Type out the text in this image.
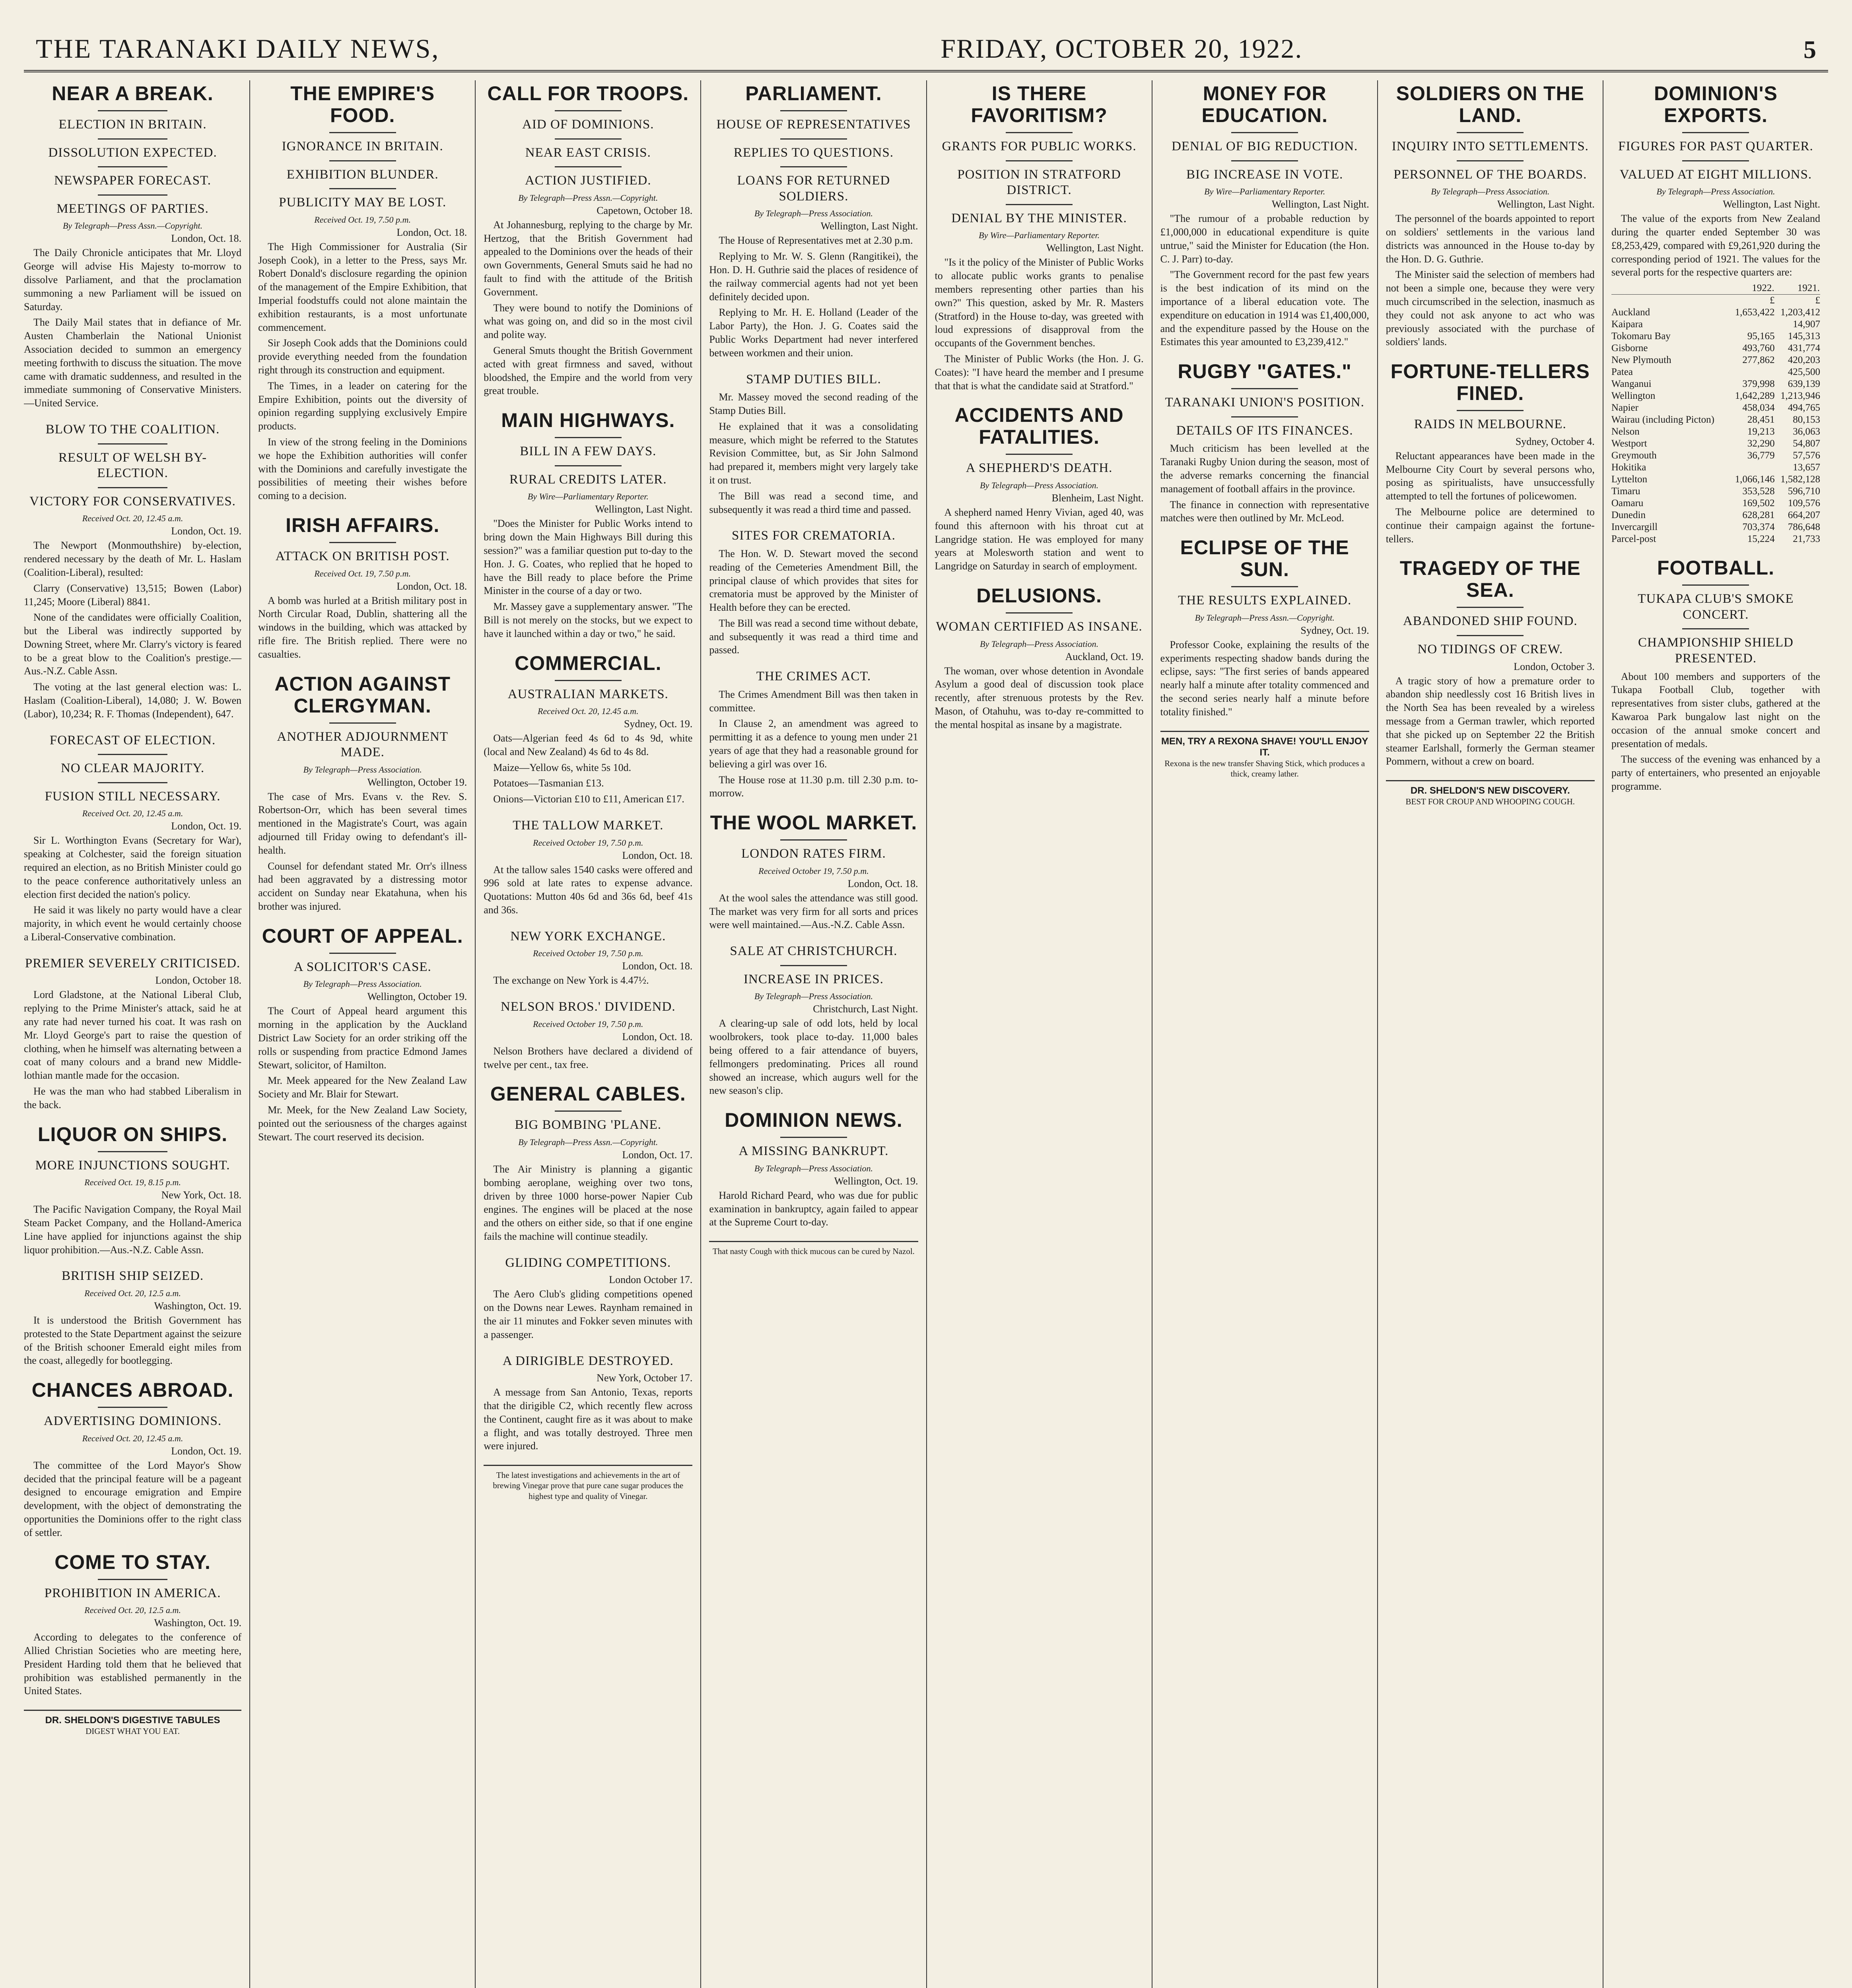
THE TARANAKI DAILY NEWS,	FRIDAY, OCTOBER 20, 1922.	5
NEAR A BREAK.
ELECTION IN BRITAIN.
DISSOLUTION EXPECTED.
NEWSPAPER FORECAST.
MEETINGS OF PARTIES.
By Telegraph—Press Assn.—Copyright.
London, Oct. 18.

The Daily Chronicle anticipates that Mr. Lloyd George will advise His Majesty to-morrow to dissolve Parliament, and that the proclamation summoning a new Parliament will be issued on Saturday.

The Daily Mail states that in defiance of Mr. Austen Chamberlain the National Unionist Association decided to summon an emergency meeting forthwith to discuss the situation. The move came with dramatic suddenness, and resulted in the immediate summoning of Conservative Ministers.—United Service.

BLOW TO THE COALITION.
RESULT OF WELSH BY-ELECTION.
VICTORY FOR CONSERVATIVES.
Received Oct. 20, 12.45 a.m.
London, Oct. 19.

The Newport (Monmouthshire) by-election, rendered necessary by the death of Mr. L. Haslam (Coalition-Liberal), resulted:

Clarry (Conservative) 13,515; Bowen (Labor) 11,245; Moore (Liberal) 8841.

None of the candidates were officially Coalition, but the Liberal was indirectly supported by Downing Street, where Mr. Clarry's victory is feared to be a great blow to the Coalition's prestige.—Aus.-N.Z. Cable Assn.

The voting at the last general election was: L. Haslam (Coalition-Liberal), 14,080; J. W. Bowen (Labor), 10,234; R. F. Thomas (Independent), 647.

FORECAST OF ELECTION.
NO CLEAR MAJORITY.
FUSION STILL NECESSARY.
Received Oct. 20, 12.45 a.m.
London, Oct. 19.

Sir L. Worthington Evans (Secretary for War), speaking at Colchester, said the foreign situation required an election, as no British Minister could go to the peace conference authoritatively unless an election first decided the nation's policy.

He said it was likely no party would have a clear majority, in which event he would certainly choose a Liberal-Conservative combination.

PREMIER SEVERELY CRITICISED.
London, October 18.

Lord Gladstone, at the National Liberal Club, replying to the Prime Minister's attack, said he at any rate had never turned his coat. It was rash on Mr. Lloyd George's part to raise the question of clothing, when he himself was alternating between a coat of many colours and a brand new Middle-lothian mantle made for the occasion.

He was the man who had stabbed Liberalism in the back.

LIQUOR ON SHIPS.
MORE INJUNCTIONS SOUGHT.
Received Oct. 19, 8.15 p.m.
New York, Oct. 18.

The Pacific Navigation Company, the Royal Mail Steam Packet Company, and the Holland-America Line have applied for injunctions against the ship liquor prohibition.—Aus.-N.Z. Cable Assn.

BRITISH SHIP SEIZED.
Received Oct. 20, 12.5 a.m.
Washington, Oct. 19.

It is understood the British Government has protested to the State Department against the seizure of the British schooner Emerald eight miles from the coast, allegedly for bootlegging.

CHANCES ABROAD.
ADVERTISING DOMINIONS.
Received Oct. 20, 12.45 a.m.
London, Oct. 19.

The committee of the Lord Mayor's Show decided that the principal feature will be a pageant designed to encourage emigration and Empire development, with the object of demonstrating the opportunities the Dominions offer to the right class of settler.

COME TO STAY.
PROHIBITION IN AMERICA.
Received Oct. 20, 12.5 a.m.
Washington, Oct. 19.

According to delegates to the conference of Allied Christian Societies who are meeting here, President Harding told them that he believed that prohibition was established permanently in the United States.

DR. SHELDON'S DIGESTIVE TABULES
DIGEST WHAT YOU EAT.
THE EMPIRE'S FOOD.
IGNORANCE IN BRITAIN.
EXHIBITION BLUNDER.
PUBLICITY MAY BE LOST.
Received Oct. 19, 7.50 p.m.
London, Oct. 18.

The High Commissioner for Australia (Sir Joseph Cook), in a letter to the Press, says Mr. Robert Donald's disclosure regarding the opinion of the management of the Empire Exhibition, that Imperial foodstuffs could not alone maintain the exhibition restaurants, is a most unfortunate commencement.

Sir Joseph Cook adds that the Dominions could provide everything needed from the foundation right through its construction and equipment.

The Times, in a leader on catering for the Empire Exhibition, points out the diversity of opinion regarding supplying exclusively Empire products.

In view of the strong feeling in the Dominions we hope the Exhibition authorities will confer with the Dominions and carefully investigate the possibilities of meeting their wishes before coming to a decision.

IRISH AFFAIRS.
ATTACK ON BRITISH POST.
Received Oct. 19, 7.50 p.m.
London, Oct. 18.

A bomb was hurled at a British military post in North Circular Road, Dublin, shattering all the windows in the building, which was attacked by rifle fire. The British replied. There were no casualties.

ACTION AGAINST CLERGYMAN.
ANOTHER ADJOURNMENT MADE.
By Telegraph—Press Association.
Wellington, October 19.

The case of Mrs. Evans v. the Rev. S. Robertson-Orr, which has been several times mentioned in the Magistrate's Court, was again adjourned till Friday owing to defendant's ill-health.

Counsel for defendant stated Mr. Orr's illness had been aggravated by a distressing motor accident on Sunday near Ekatahuna, when his brother was injured.

COURT OF APPEAL.
A SOLICITOR'S CASE.
By Telegraph—Press Association.
Wellington, October 19.

The Court of Appeal heard argument this morning in the application by the Auckland District Law Society for an order striking off the rolls or suspending from practice Edmond James Stewart, solicitor, of Hamilton.

Mr. Meek appeared for the New Zealand Law Society and Mr. Blair for Stewart.

Mr. Meek, for the New Zealand Law Society, pointed out the seriousness of the charges against Stewart. The court reserved its decision.

CALL FOR TROOPS.
AID OF DOMINIONS.
NEAR EAST CRISIS.
ACTION JUSTIFIED.
By Telegraph—Press Assn.—Copyright.
Capetown, October 18.

At Johannesburg, replying to the charge by Mr. Hertzog, that the British Government had appealed to the Dominions over the heads of their own Governments, General Smuts said he had no fault to find with the attitude of the British Government.

They were bound to notify the Dominions of what was going on, and did so in the most civil and polite way.

General Smuts thought the British Government acted with great firmness and saved, without bloodshed, the Empire and the world from very great trouble.

MAIN HIGHWAYS.
BILL IN A FEW DAYS.
RURAL CREDITS LATER.
By Wire—Parliamentary Reporter.
Wellington, Last Night.

"Does the Minister for Public Works intend to bring down the Main Highways Bill during this session?" was a familiar question put to-day to the Hon. J. G. Coates, who replied that he hoped to have the Bill ready to place before the Prime Minister in the course of a day or two.

Mr. Massey gave a supplementary answer. "The Bill is not merely on the stocks, but we expect to have it launched within a day or two," he said.

COMMERCIAL.
AUSTRALIAN MARKETS.
Received Oct. 20, 12.45 a.m.
Sydney, Oct. 19.

Oats—Algerian feed 4s 6d to 4s 9d, white (local and New Zealand) 4s 6d to 4s 8d.

Maize—Yellow 6s, white 5s 10d.

Potatoes—Tasmanian £13.

Onions—Victorian £10 to £11, American £17.

THE TALLOW MARKET.
Received October 19, 7.50 p.m.
London, Oct. 18.

At the tallow sales 1540 casks were offered and 996 sold at late rates to expense advance. Quotations: Mutton 40s 6d and 36s 6d, beef 41s and 36s.

NEW YORK EXCHANGE.
Received October 19, 7.50 p.m.
London, Oct. 18.

The exchange on New York is 4.47½.

NELSON BROS.' DIVIDEND.
Received October 19, 7.50 p.m.
London, Oct. 18.

Nelson Brothers have declared a dividend of twelve per cent., tax free.

GENERAL CABLES.
BIG BOMBING 'PLANE.
By Telegraph—Press Assn.—Copyright.
London, Oct. 17.

The Air Ministry is planning a gigantic bombing aeroplane, weighing over two tons, driven by three 1000 horse-power Napier Cub engines. The engines will be placed at the nose and the others on either side, so that if one engine fails the machine will continue steadily.

GLIDING COMPETITIONS.
London October 17.

The Aero Club's gliding competitions opened on the Downs near Lewes. Raynham remained in the air 11 minutes and Fokker seven minutes with a passenger.

A DIRIGIBLE DESTROYED.
New York, October 17.

A message from San Antonio, Texas, reports that the dirigible C2, which recently flew across the Continent, caught fire as it was about to make a flight, and was totally destroyed. Three men were injured.

The latest investigations and achievements in the art of brewing Vinegar prove that pure cane sugar produces the highest type and quality of Vinegar.
PARLIAMENT.
HOUSE OF REPRESENTATIVES
REPLIES TO QUESTIONS.
LOANS FOR RETURNED SOLDIERS.
By Telegraph—Press Association.
Wellington, Last Night.

The House of Representatives met at 2.30 p.m.

Replying to Mr. W. S. Glenn (Rangitikei), the Hon. D. H. Guthrie said the places of residence of the railway commercial agents had not yet been definitely decided upon.

Replying to Mr. H. E. Holland (Leader of the Labor Party), the Hon. J. G. Coates said the Public Works Department had never interfered between workmen and their union.

STAMP DUTIES BILL.

Mr. Massey moved the second reading of the Stamp Duties Bill.

He explained that it was a consolidating measure, which might be referred to the Statutes Revision Committee, but, as Sir John Salmond had prepared it, members might very largely take it on trust.

The Bill was read a second time, and subsequently it was read a third time and passed.

SITES FOR CREMATORIA.

The Hon. W. D. Stewart moved the second reading of the Cemeteries Amendment Bill, the principal clause of which provides that sites for crematoria must be approved by the Minister of Health before they can be erected.

The Bill was read a second time without debate, and subsequently it was read a third time and passed.

THE CRIMES ACT.

The Crimes Amendment Bill was then taken in committee.

In Clause 2, an amendment was agreed to permitting it as a defence to young men under 21 years of age that they had a reasonable ground for believing a girl was over 16.

The House rose at 11.30 p.m. till 2.30 p.m. to-morrow.

THE WOOL MARKET.
LONDON RATES FIRM.
Received October 19, 7.50 p.m.
London, Oct. 18.

At the wool sales the attendance was still good. The market was very firm for all sorts and prices were well maintained.—Aus.-N.Z. Cable Assn.

SALE AT CHRISTCHURCH.
INCREASE IN PRICES.
By Telegraph—Press Association.
Christchurch, Last Night.

A clearing-up sale of odd lots, held by local woolbrokers, took place to-day. 11,000 bales being offered to a fair attendance of buyers, fellmongers predominating. Prices all round showed an increase, which augurs well for the new season's clip.

DOMINION NEWS.
A MISSING BANKRUPT.
By Telegraph—Press Association.
Wellington, Oct. 19.

Harold Richard Peard, who was due for public examination in bankruptcy, again failed to appear at the Supreme Court to-day.

That nasty Cough with thick mucous can be cured by Nazol.
IS THERE FAVORITISM?
GRANTS FOR PUBLIC WORKS.
POSITION IN STRATFORD DISTRICT.
DENIAL BY THE MINISTER.
By Wire—Parliamentary Reporter.
Wellington, Last Night.

"Is it the policy of the Minister of Public Works to allocate public works grants to penalise members representing other parties than his own?" This question, asked by Mr. R. Masters (Stratford) in the House to-day, was greeted with loud expressions of disapproval from the occupants of the Government benches.

The Minister of Public Works (the Hon. J. G. Coates): "I have heard the member and I presume that that is what the candidate said at Stratford."

ACCIDENTS AND FATALITIES.
A SHEPHERD'S DEATH.
By Telegraph—Press Association.
Blenheim, Last Night.

A shepherd named Henry Vivian, aged 40, was found this afternoon with his throat cut at Langridge station. He was employed for many years at Molesworth station and went to Langridge on Saturday in search of employment.

DELUSIONS.
WOMAN CERTIFIED AS INSANE.
By Telegraph—Press Association.
Auckland, Oct. 19.

The woman, over whose detention in Avondale Asylum a good deal of discussion took place recently, after strenuous protests by the Rev. Mason, of Otahuhu, was to-day re-committed to the mental hospital as insane by a magistrate.

MONEY FOR EDUCATION.
DENIAL OF BIG REDUCTION.
BIG INCREASE IN VOTE.
By Wire—Parliamentary Reporter.
Wellington, Last Night.

"The rumour of a probable reduction by £1,000,000 in educational expenditure is quite untrue," said the Minister for Education (the Hon. C. J. Parr) to-day.

"The Government record for the past few years is the best indication of its mind on the importance of a liberal education vote. The expenditure on education in 1914 was £1,400,000, and the expenditure passed by the House on the Estimates this year amounted to £3,239,412."

RUGBY "GATES."
TARANAKI UNION'S POSITION.
DETAILS OF ITS FINANCES.

Much criticism has been levelled at the Taranaki Rugby Union during the season, most of the adverse remarks concerning the financial management of football affairs in the province.

The finance in connection with representative matches were then outlined by Mr. McLeod.

ECLIPSE OF THE SUN.
THE RESULTS EXPLAINED.
By Telegraph—Press Assn.—Copyright.
Sydney, Oct. 19.

Professor Cooke, explaining the results of the experiments respecting shadow bands during the eclipse, says: "The first series of bands appeared nearly half a minute after totality commenced and the second series nearly half a minute before totality finished."

MEN, TRY A REXONA SHAVE! YOU'LL ENJOY IT.
Rexona is the new transfer Shaving Stick, which produces a thick, creamy lather.
SOLDIERS ON THE LAND.
INQUIRY INTO SETTLEMENTS.
PERSONNEL OF THE BOARDS.
By Telegraph—Press Association.
Wellington, Last Night.

The personnel of the boards appointed to report on soldiers' settlements in the various land districts was announced in the House to-day by the Hon. D. G. Guthrie.

The Minister said the selection of members had not been a simple one, because they were very much circumscribed in the selection, inasmuch as they could not ask anyone to act who was previously associated with the purchase of soldiers' lands.

FORTUNE-TELLERS FINED.
RAIDS IN MELBOURNE.
Sydney, October 4.

Reluctant appearances have been made in the Melbourne City Court by several persons who, posing as spiritualists, have unsuccessfully attempted to tell the fortunes of policewomen.

The Melbourne police are determined to continue their campaign against the fortune-tellers.

TRAGEDY OF THE SEA.
ABANDONED SHIP FOUND.
NO TIDINGS OF CREW.
London, October 3.

A tragic story of how a premature order to abandon ship needlessly cost 16 British lives in the North Sea has been revealed by a wireless message from a German trawler, which reported that she picked up on September 22 the British steamer Earlshall, formerly the German steamer Pommern, without a crew on board.

DR. SHELDON'S NEW DISCOVERY.
BEST FOR CROUP AND WHOOPING COUGH.
DOMINION'S EXPORTS.
FIGURES FOR PAST QUARTER.
VALUED AT EIGHT MILLIONS.
By Telegraph—Press Association.
Wellington, Last Night.

The value of the exports from New Zealand during the quarter ended September 30 was £8,253,429, compared with £9,261,920 during the corresponding period of 1921. The values for the several ports for the respective quarters are:

	1922.	1921.
	£	£
Auckland	1,653,422	1,203,412
Kaipara		14,907
Tokomaru Bay	95,165	145,313
Gisborne	493,760	431,774
New Plymouth	277,862	420,203
Patea		425,500
Wanganui	379,998	639,139
Wellington	1,642,289	1,213,946
Napier	458,034	494,765
Wairau (including Picton)	28,451	80,153
Nelson	19,213	36,063
Westport	32,290	54,807
Greymouth	36,779	57,576
Hokitika		13,657
Lyttelton	1,066,146	1,582,128
Timaru	353,528	596,710
Oamaru	169,502	109,576
Dunedin	628,281	664,207
Invercargill	703,374	786,648
Parcel-post	15,224	21,733
FOOTBALL.
TUKAPA CLUB'S SMOKE CONCERT.
CHAMPIONSHIP SHIELD PRESENTED.

About 100 members and supporters of the Tukapa Football Club, together with representatives from sister clubs, gathered at the Kawaroa Park bungalow last night on the occasion of the annual smoke concert and presentation of medals.

The success of the evening was enhanced by a party of entertainers, who presented an enjoyable programme.
